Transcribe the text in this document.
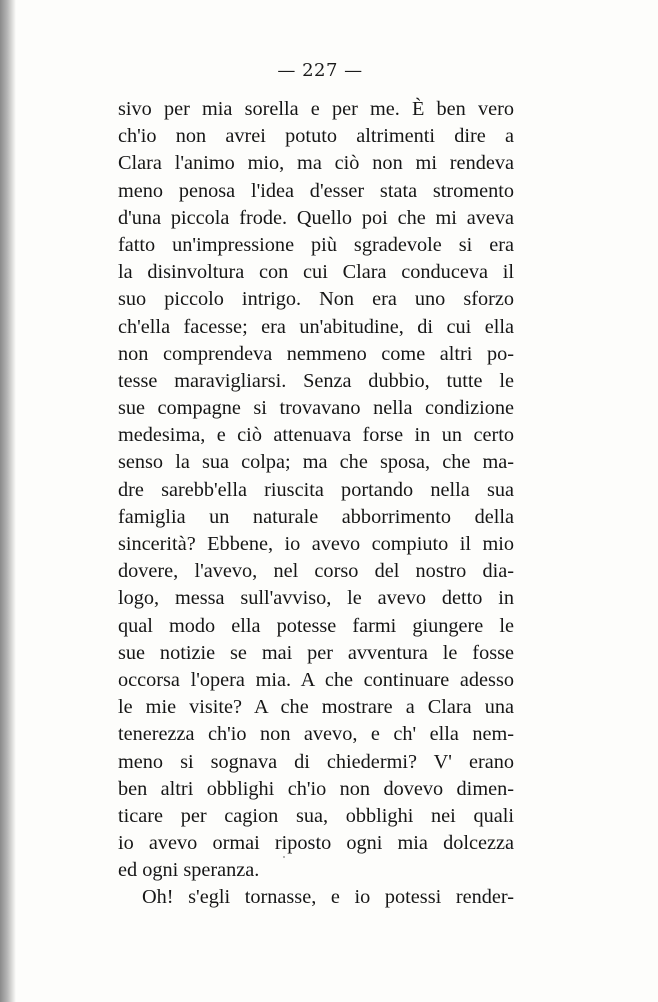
— 227 —
sivo per mia sorella e per me. È ben vero
ch'io non avrei potuto altrimenti dire a
Clara l'animo mio, ma ciò non mi rendeva
meno penosa l'idea d'esser stata stromento
d'una piccola frode. Quello poi che mi aveva
fatto un'impressione più sgradevole si era
la disinvoltura con cui Clara conduceva il
suo piccolo intrigo. Non era uno sforzo
ch'ella facesse; era un'abitudine, di cui ella
non comprendeva nemmeno come altri po-
tesse maravigliarsi. Senza dubbio, tutte le
sue compagne si trovavano nella condizione
medesima, e ciò attenuava forse in un certo
senso la sua colpa; ma che sposa, che ma-
dre sarebb'ella riuscita portando nella sua
famiglia un naturale abborrimento della
sincerità? Ebbene, io avevo compiuto il mio
dovere, l'avevo, nel corso del nostro dia-
logo, messa sull'avviso, le avevo detto in
qual modo ella potesse farmi giungere le
sue notizie se mai per avventura le fosse
occorsa l'opera mia. A che continuare adesso
le mie visite? A che mostrare a Clara una
tenerezza ch'io non avevo, e ch' ella nem-
meno si sognava di chiedermi? V' erano
ben altri obblighi ch'io non dovevo dimen-
ticare per cagion sua, obblighi nei quali
io avevo ormai riposto ogni mia dolcezza
ed ogni speranza.
Oh! s'egli tornasse, e io potessi render-
